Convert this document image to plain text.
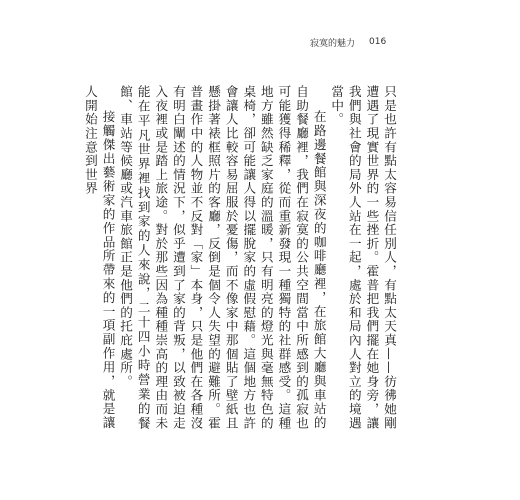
寂寞的魅力 016

只是也許有點太容易信任別人，有點太天真——彷彿她剛遭遇了現實世界的一些挫折。霍普把我們擺在她身旁，讓我們與社會的局外人站在一起，處於和局內人對立的境遇當中。

在路邊餐館與深夜的咖啡廳裡，在旅館大廳與車站的自助餐廳裡，我們在寂寞的公共空間當中所感到的孤寂也可能獲得稀釋，從而重新發現一種獨特的社群感受。這種地方雖然缺乏家庭的溫暖，只有明亮的燈光與毫無特色的桌椅，卻可能讓人得以擺脫家的虛假慰藉。這個地方也許會讓人比較容易屈服於憂傷，而不像家中那個貼了壁紙且懸掛著裱框照片的客廳，反倒是個令人失望的避難所。霍普畫作中的人物並不反對「家」本身，只是他們在各種沒有明白闡述的情況下，似乎遭到了家的背叛，以致被迫走入夜裡或是踏上旅途。對於那些因為種種崇高的理由而未能在平凡世界裡找到家的人來說，二十四小時營業的餐館、車站等候廳或汽車旅館正是他們的托庇處所。

接觸傑出藝術家的作品所帶來的一項副作用，就是讓人開始注意到世界
